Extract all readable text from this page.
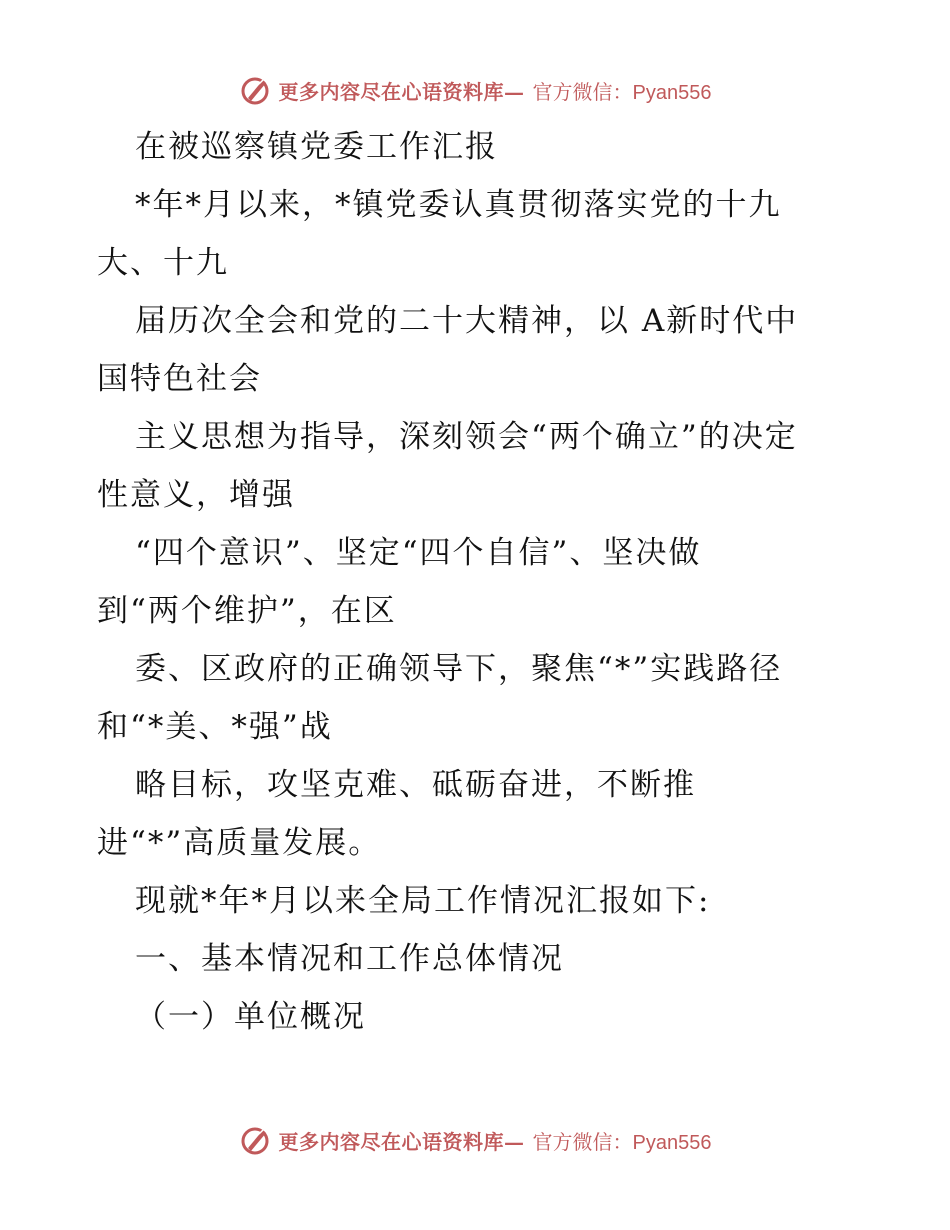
更多内容尽在心语资料库— 官方微信：Pyan556
在被巡察镇党委工作汇报
*年*月以来，*镇党委认真贯彻落实党的十九
大、十九
届历次全会和党的二十大精神，以 A新时代中
国特色社会
主义思想为指导，深刻领会“两个确立”的决定
性意义，增强
“四个意识”、坚定“四个自信”、坚决做
到“两个维护”，在区
委、区政府的正确领导下，聚焦“*”实践路径
和“*美、*强”战
略目标，攻坚克难、砥砺奋进，不断推
进“*”高质量发展。
现就*年*月以来全局工作情况汇报如下:
一、基本情况和工作总体情况
（一）单位概况
更多内容尽在心语资料库— 官方微信：Pyan556
